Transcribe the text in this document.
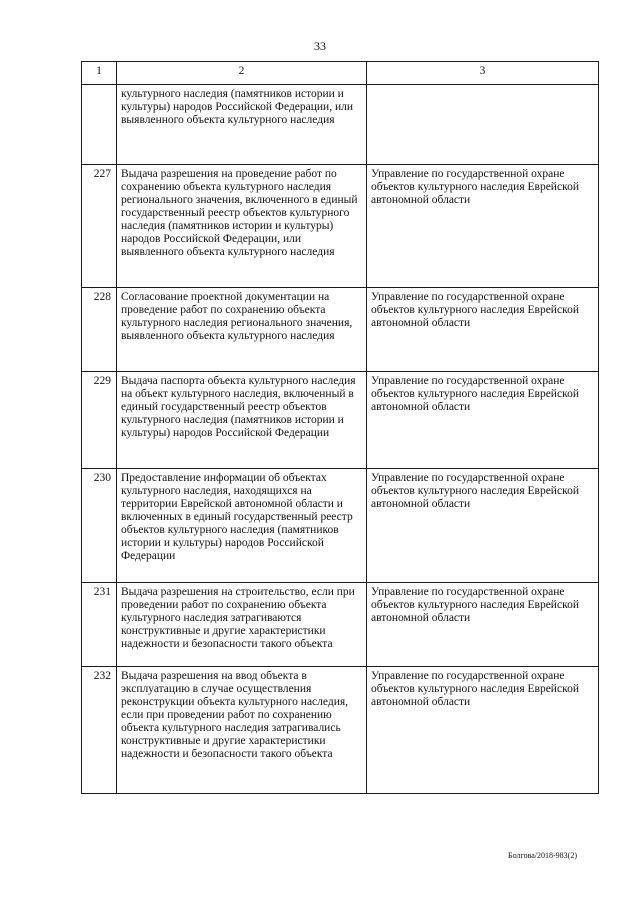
33
1	2	3
	культурного наследия (памятников истории и культуры) народов Российской Федерации, или выявленного объекта культурного наследия	
227	Выдача разрешения на проведение работ по сохранению объекта культурного наследия регионального значения, включенного в единый государственный реестр объектов культурного наследия (памятников истории и культуры) народов Российской Федерации, или выявленного объекта культурного наследия	Управление по государственной охране объектов культурного наследия Еврейской автономной области
228	Согласование проектной документации на проведение работ по сохранению объекта культурного наследия регионального значения, выявленного объекта культурного наследия	Управление по государственной охране объектов культурного наследия Еврейской автономной области
229	Выдача паспорта объекта культурного наследия на объект культурного наследия, включенный в единый государственный реестр объектов культурного наследия (памятников истории и культуры) народов Российской Федерации	Управление по государственной охране объектов культурного наследия Еврейской автономной области
230	Предоставление информации об объектах культурного наследия, находящихся на территории Еврейской автономной области и включенных в единый государственный реестр объектов культурного наследия (памятников истории и культуры) народов Российской Федерации	Управление по государственной охране объектов культурного наследия Еврейской автономной области
231	Выдача разрешения на строительство, если при проведении работ по сохранению объекта культурного наследия затрагиваются конструктивные и другие характеристики надежности и безопасности такого объекта	Управление по государственной охране объектов культурного наследия Еврейской автономной области
232	Выдача разрешения на ввод объекта в эксплуатацию в случае осуществления реконструкции объекта культурного наследия, если при проведении работ по сохранению объекта культурного наследия затрагивались конструктивные и другие характеристики надежности и безопасности такого объекта	Управление по государственной охране объектов культурного наследия Еврейской автономной области
Болгова/2018-983(2)
